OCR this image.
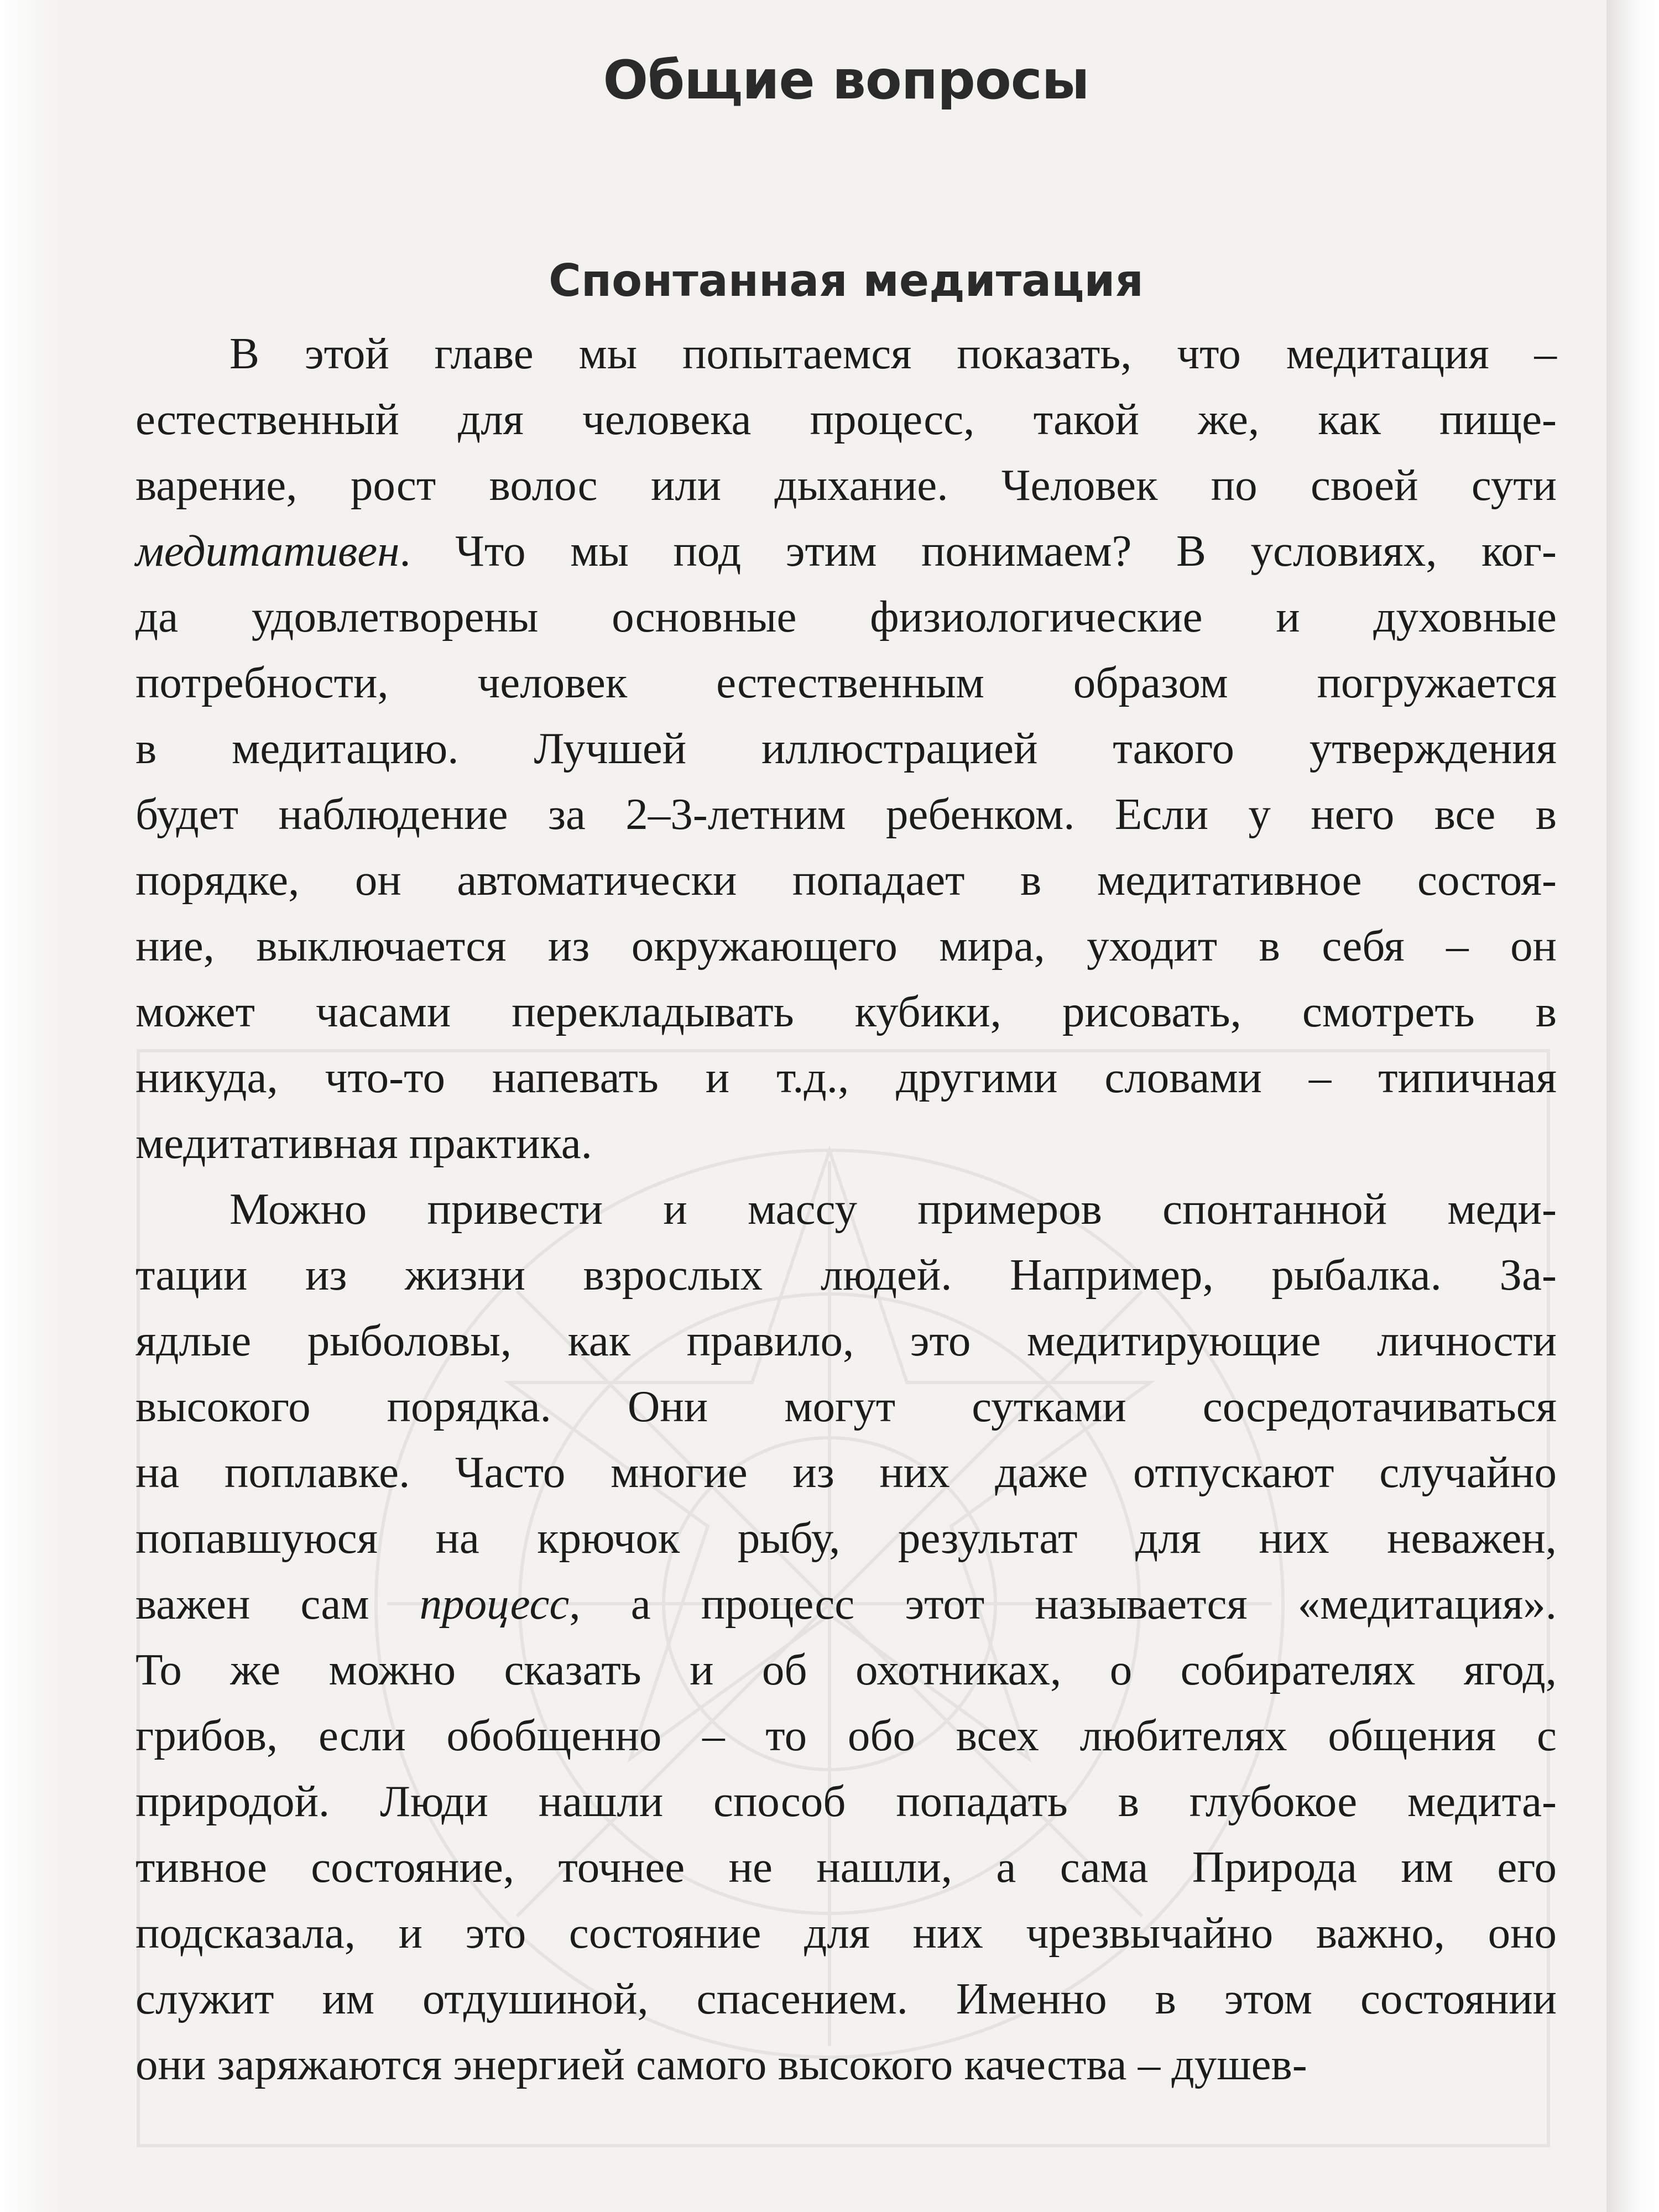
Общие вопросы
Спонтанная медитация
В этой главе мы попытаемся показать, что медитация –
естественный для человека процесс, такой же, как пище-
варение, рост волос или дыхание. Человек по своей сути
медитативен. Что мы под этим понимаем? В условиях, ког-
да удовлетворены основные физиологические и духовные
потребности, человек естественным образом погружается
в медитацию. Лучшей иллюстрацией такого утверждения
будет наблюдение за 2–3-летним ребенком. Если у него все в
порядке, он автоматически попадает в медитативное состоя-
ние, выключается из окружающего мира, уходит в себя – он
может часами перекладывать кубики, рисовать, смотреть в
никуда, что-то напевать и т.д., другими словами – типичная
медитативная практика.
Можно привести и массу примеров спонтанной меди-
тации из жизни взрослых людей. Например, рыбалка. За-
ядлые рыболовы, как правило, это медитирующие личности
высокого порядка. Они могут сутками сосредотачиваться
на поплавке. Часто многие из них даже отпускают случайно
попавшуюся на крючок рыбу, результат для них неважен,
важен сам процесс, а процесс этот называется «медитация».
То же можно сказать и об охотниках, о собирателях ягод,
грибов, если обобщенно – то обо всех любителях общения с
природой. Люди нашли способ попадать в глубокое медита-
тивное состояние, точнее не нашли, а сама Природа им его
подсказала, и это состояние для них чрезвычайно важно, оно
служит им отдушиной, спасением. Именно в этом состоянии
они заряжаются энергией самого высокого качества – душев-
